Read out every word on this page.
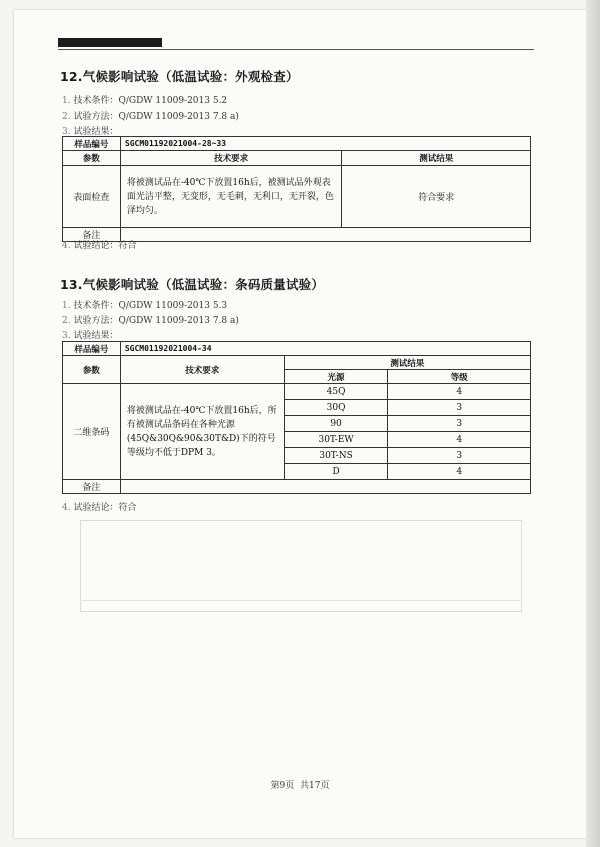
12.气候影响试验（低温试验：外观检查）

1. 技术条件：Q/GDW 11009-2013 5.2

2. 试验方法：Q/GDW 11009-2013 7.8 a)

3. 试验结果：

样品编号	SGCM01192021004-28~33	
参数	技术要求	测试结果
表面检查	将被测试品在-40℃下放置16h后，被测试品外观表面光洁平整，无变形，无毛刺，无利口，无开裂，色泽均匀。	符合要求
备注		

4. 试验结论：符合

13.气候影响试验（低温试验：条码质量试验）

1. 技术条件：Q/GDW 11009-2013 5.3

2. 试验方法：Q/GDW 11009-2013 7.8 a)

3. 试验结果：

样品编号	SGCM01192021004-34		
参数	技术要求	测试结果	
		光源	等级
二维条码	将被测试品在-40℃下放置16h后，所有被测试品条码在各种光源(45Q&30Q&90&30T&D)下的符号等级均不低于DPM 3。	45Q	4
		30Q	3
		90	3
		30T-EW	4
		30T-NS	3
		D	4
备注			

4. 试验结论：符合

第9页 共17页
